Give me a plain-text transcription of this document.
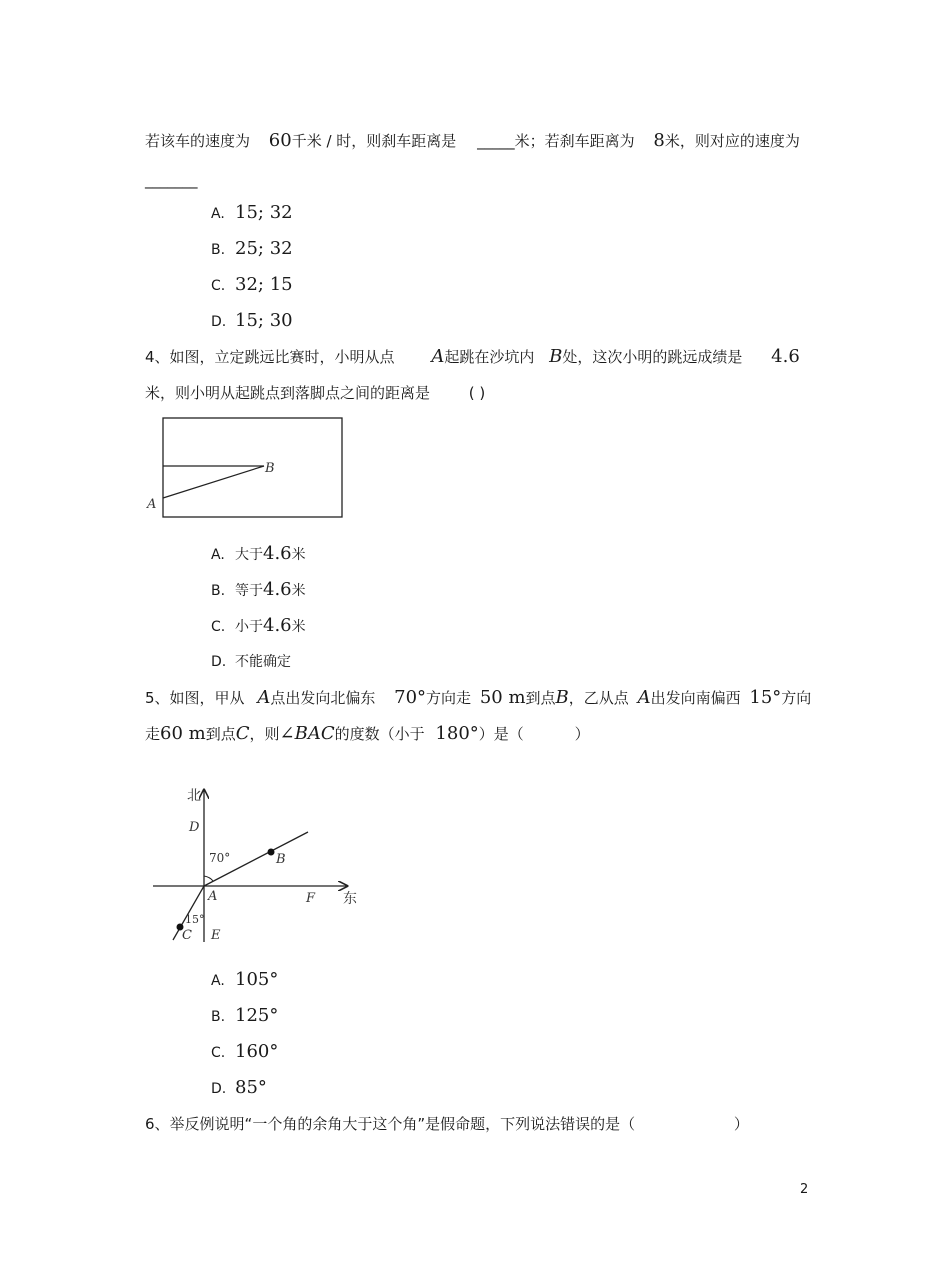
若该车的速度为 60千米 / 时，则刹车距离是 _____米；若刹车距离为 8米，则对应的速度为
_______
A. 15; 32
B. 25; 32
C. 32; 15
D. 15; 30
4、如图，立定跳远比赛时，小明从点 A起跳在沙坑内 B处，这次小明的跳远成绩是 4.6
米，则小明从起跳点到落脚点之间的距离是	( )
B
A
A. 大于4.6米
B. 等于4.6米
C. 小于4.6米
D. 不能确定
5、如图，甲从 A点出发向北偏东 70°方向走 50 m到点B，乙从点 A出发向南偏西 15°方向
走60 m到点C，则∠BAC的度数（小于 180°）是（	）
北
D
70°	B
A	F 东
15°
C E
A. 105°
B. 125°
C. 160°
D. 85°
6、举反例说明“一个角的余角大于这个角”是假命题，下列说法错误的是（	）
2
